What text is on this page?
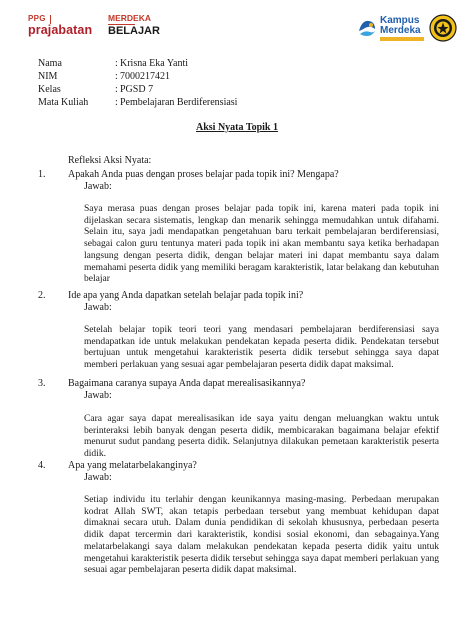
PPG
prajabatan
MERDEKA
BELAJAR
Kampus
Merdeka
Nama	: Krisna Eka Yanti
NIM	: 7000217421
Kelas	: PGSD 7
Mata Kuliah	: Pembelajaran Berdiferensiasi
Aksi Nyata Topik 1
Refleksi Aksi Nyata:
1. Apakah Anda puas dengan proses belajar pada topik ini? Mengapa?
Jawab:

Saya merasa puas dengan proses belajar pada topik ini, karena materi pada topik ini dijelaskan secara sistematis, lengkap dan menarik sehingga memudahkan untuk difahami. Selain itu, saya jadi mendapatkan pengetahuan baru terkait pembelajaran berdiferensiasi, sebagai calon guru tentunya materi pada topik ini akan membantu saya ketika berhadapan langsung dengan peserta didik, dengan belajar materi ini dapat membantu saya dalam memahami peserta didik yang memiliki beragam karakteristik, latar belakang dan kebutuhan belajar

2. Ide apa yang Anda dapatkan setelah belajar pada topik ini?
Jawab:

Setelah belajar topik teori teori yang mendasari pembelajaran berdiferensiasi saya mendapatkan ide untuk melakukan pendekatan kepada peserta didik. Pendekatan tersebut bertujuan untuk mengetahui karakteristik peserta didik tersebut sehingga saya dapat memberi perlakuan yang sesuai agar pembelajaran peserta didik dapat maksimal.

3. Bagaimana caranya supaya Anda dapat merealisasikannya?
Jawab:

Cara agar saya dapat merealisasikan ide saya yaitu dengan meluangkan waktu untuk berinteraksi lebih banyak dengan peserta didik, membicarakan bagaimana belajar efektif menurut sudut pandang peserta didik. Selanjutnya dilakukan pemetaan karakteristik peserta didik.

4. Apa yang melatarbelakanginya?
Jawab:

Setiap individu itu terlahir dengan keunikannya masing-masing. Perbedaan merupakan kodrat Allah SWT, akan tetapis perbedaan tersebut yang membuat kehidupan dapat dimaknai secara utuh. Dalam dunia pendidikan di sekolah khususnya, perbedaan peserta didik dapat tercermin dari karakteristik, kondisi sosial ekonomi, dan sebagainya.Yang melatarbelakangi saya dalam melakukan pendekatan kepada peserta didik yaitu untuk mengetahui karakteristik peserta didik tersebut sehingga saya dapat memberi perlakuan yang sesuai agar pembelajaran peserta didik dapat maksimal.
